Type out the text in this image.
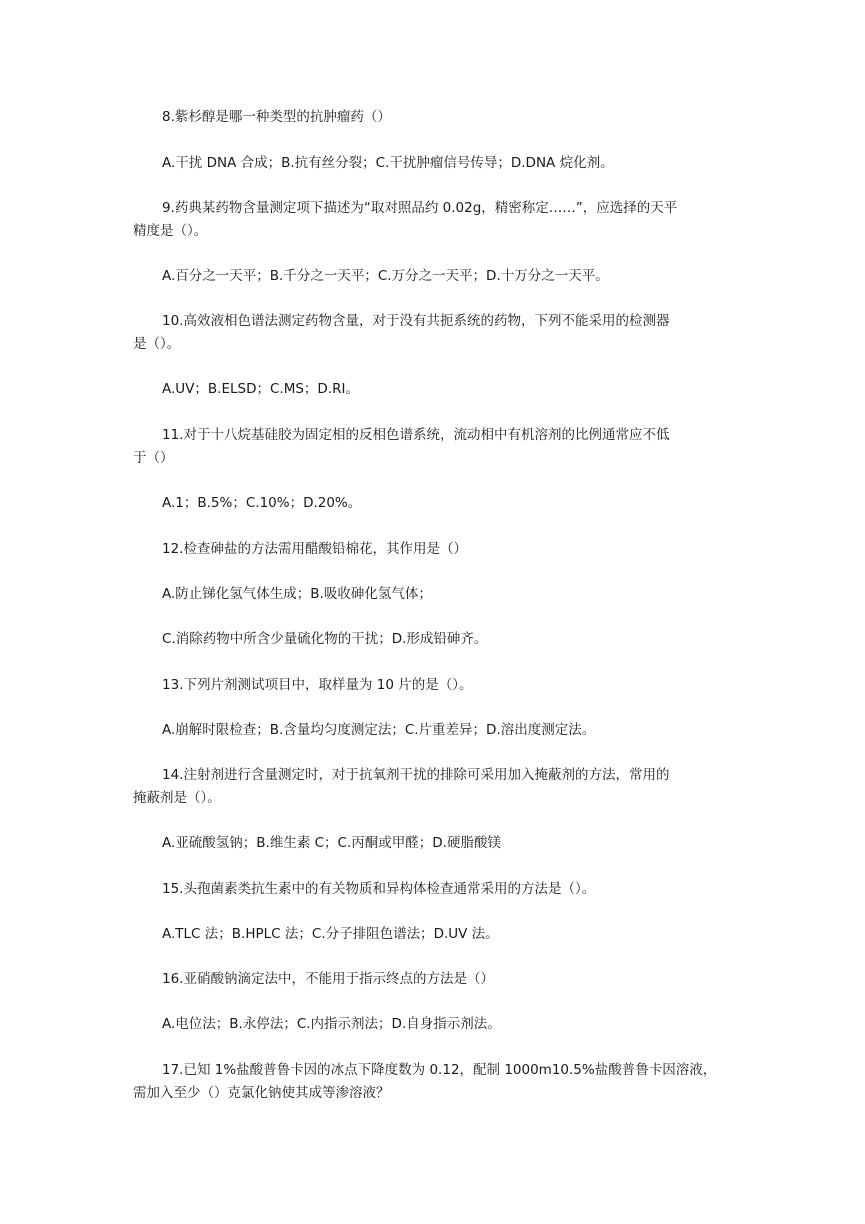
8.紫杉醇是哪一种类型的抗肿瘤药（）

A.干扰 DNA 合成；B.抗有丝分裂；C.干扰肿瘤信号传导；D.DNA 烷化剂。

9.药典某药物含量测定项下描述为“取对照品约 0.02g，精密称定……”，应选择的天平

精度是（）。

A.百分之一天平；B.千分之一天平；C.万分之一天平；D.十万分之一天平。

10.高效液相色谱法测定药物含量，对于没有共扼系统的药物，下列不能采用的检测器

是（）。

A.UV；B.ELSD；C.MS；D.RI。

11.对于十八烷基硅胶为固定相的反相色谱系统，流动相中有机溶剂的比例通常应不低

于（）

A.1；B.5%；C.10%；D.20%。

12.检查砷盐的方法需用醋酸铅棉花，其作用是（）

A.防止锑化氢气体生成；B.吸收砷化氢气体；

C.消除药物中所含少量硫化物的干扰；D.形成铅砷齐。

13.下列片剂测试项目中，取样量为 10 片的是（）。

A.崩解时限检查；B.含量均匀度测定法；C.片重差异；D.溶出度测定法。

14.注射剂进行含量测定时，对于抗氧剂干扰的排除可采用加入掩蔽剂的方法，常用的

掩蔽剂是（）。

A.亚硫酸氢钠；B.维生素 C；C.丙酮或甲醛；D.硬脂酸镁

15.头孢菌素类抗生素中的有关物质和异构体检查通常采用的方法是（）。

A.TLC 法；B.HPLC 法；C.分子排阻色谱法；D.UV 法。

16.亚硝酸钠滴定法中，不能用于指示终点的方法是（）

A.电位法；B.永停法；C.内指示剂法；D.自身指示剂法。

17.已知 1%盐酸普鲁卡因的冰点下降度数为 0.12，配制 1000m10.5%盐酸普鲁卡因溶液，

需加入至少（）克氯化钠使其成等渗溶液？
